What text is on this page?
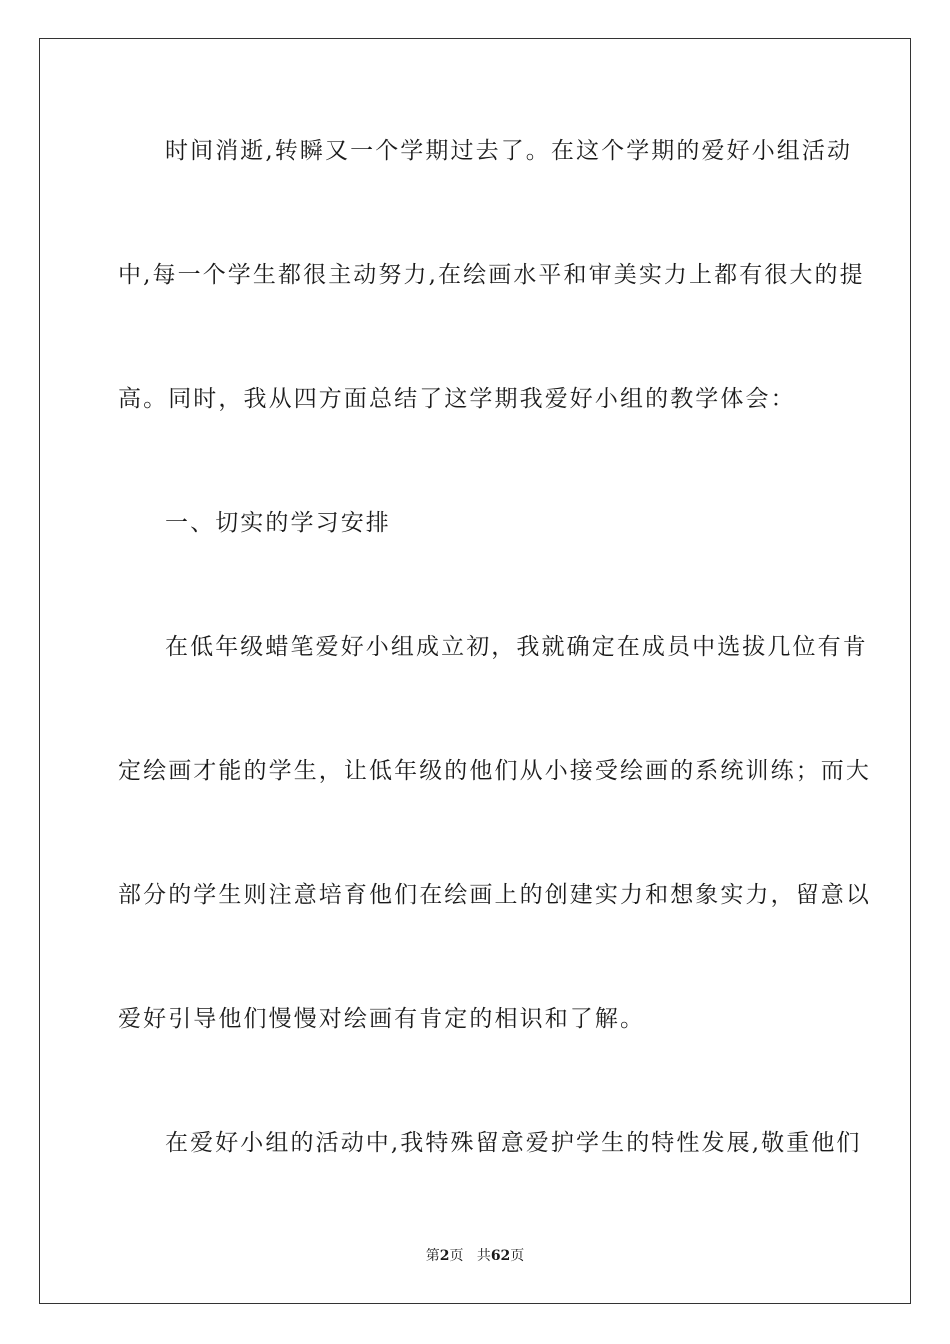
时间消逝,转瞬又一个学期过去了。在这个学期的爱好小组活动
中,每一个学生都很主动努力,在绘画水平和审美实力上都有很大的提
高。同时，我从四方面总结了这学期我爱好小组的教学体会：
一、切实的学习安排
在低年级蜡笔爱好小组成立初，我就确定在成员中选拔几位有肯
定绘画才能的学生，让低年级的他们从小接受绘画的系统训练；而大
部分的学生则注意培育他们在绘画上的创建实力和想象实力，留意以
爱好引导他们慢慢对绘画有肯定的相识和了解。
在爱好小组的活动中,我特殊留意爱护学生的特性发展,敬重他们
第2页 共62页
